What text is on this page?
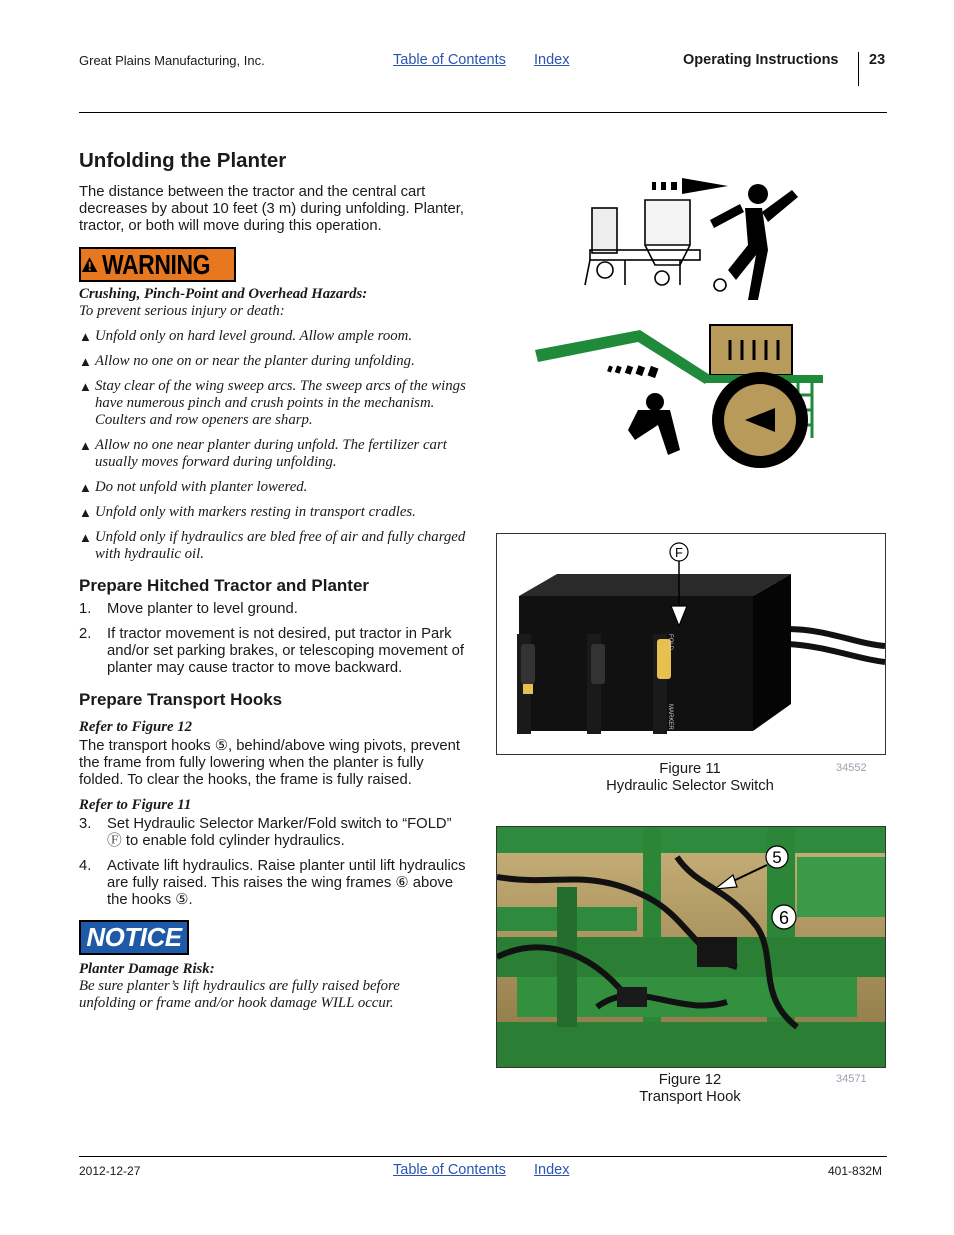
Great Plains Manufacturing, Inc.	Table of Contents Index	Operating Instructions 23
Unfolding the Planter
The distance between the tractor and the central cart decreases by about 10 feet (3 m) during unfolding. Planter, tractor, or both will move during this operation.
WARNING
Crushing, Pinch-Point and Overhead Hazards:
To prevent serious injury or death:
▲ Unfold only on hard level ground. Allow ample room.
▲ Allow no one on or near the planter during unfolding.
▲ Stay clear of the wing sweep arcs. The sweep arcs of the wings have numerous pinch and crush points in the mechanism. Coulters and row openers are sharp.
▲ Allow no one near planter during unfold. The fertilizer cart usually moves forward during unfolding.
▲ Do not unfold with planter lowered.
▲ Unfold only with markers resting in transport cradles.
▲ Unfold only if hydraulics are bled free of air and fully charged with hydraulic oil.
Prepare Hitched Tractor and Planter
1. Move planter to level ground.
2. If tractor movement is not desired, put tractor in Park and/or set parking brakes, or telescoping movement of planter may cause tractor to move backward.
Prepare Transport Hooks
Refer to Figure 12
The transport hooks ⑤, behind/above wing pivots, prevent the frame from fully lowering when the planter is fully folded. To clear the hooks, the frame is fully raised.
Refer to Figure 11
3. Set Hydraulic Selector Marker/Fold switch to “FOLD” Ⓕ to enable fold cylinder hydraulics.
4. Activate lift hydraulics. Raise planter until lift hydraulics are fully raised. This raises the wing frames ⑥ above the hooks ⑤.
NOTICE
Planter Damage Risk:
Be sure planter’s lift hydraulics are fully raised before unfolding or frame and/or hook damage WILL occur.
FOLD
MARKER
F
Figure 11
Hydraulic Selector Switch
34552
5
6
Figure 12
Transport Hook
34571
2012-12-27	Table of Contents Index	401-832M
